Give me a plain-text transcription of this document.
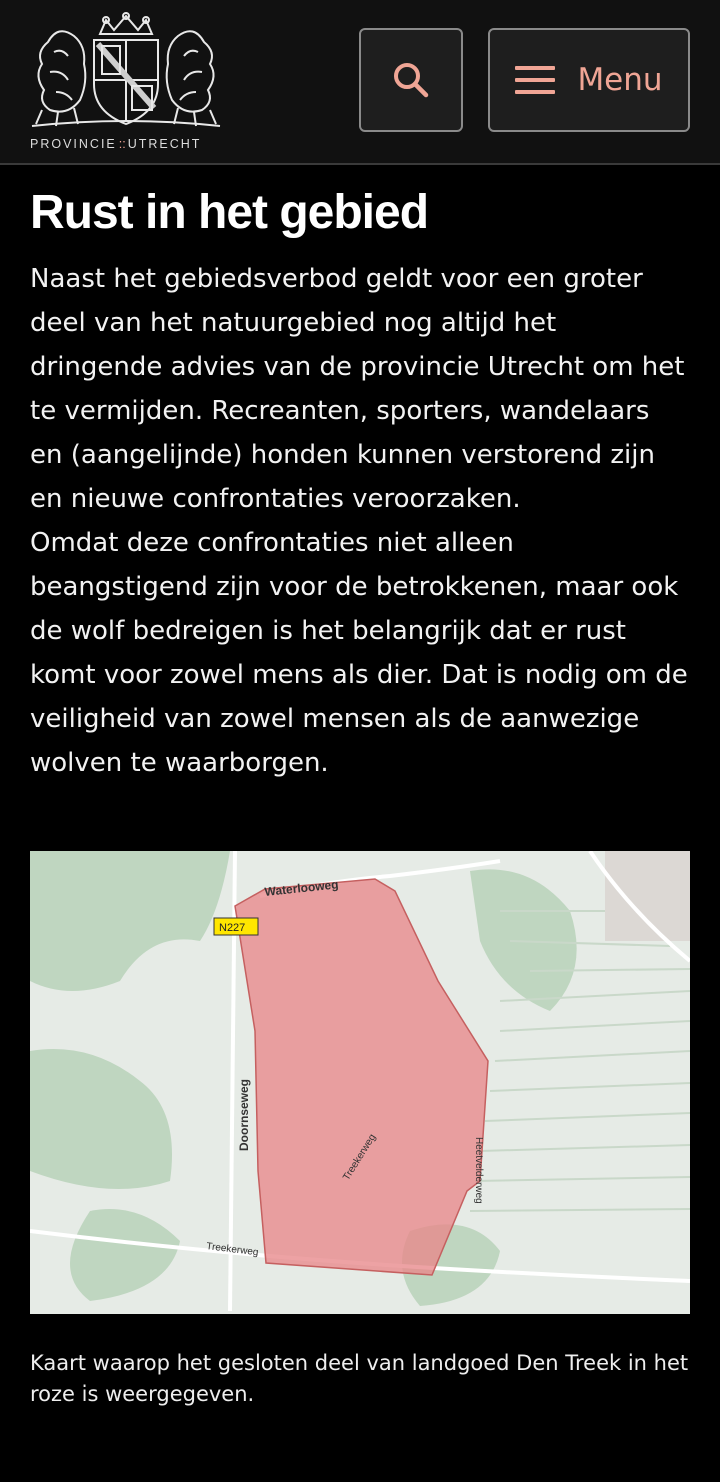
PROVINCIE :: UTRECHT
Menu
Rust in het gebied

Naast het gebiedsverbod geldt voor een groter deel van het natuurgebied nog altijd het dringende advies van de provincie Utrecht om het te vermijden. Recreanten, sporters, wandelaars en (aangelijnde) honden kunnen verstorend zijn en nieuwe confrontaties veroorzaken.

Omdat deze confrontaties niet alleen beangstigend zijn voor de betrokkenen, maar ook de wolf bedreigen is het belangrijk dat er rust komt voor zowel mens als dier. Dat is nodig om de veiligheid van zowel mensen als de aanwezige wolven te waarborgen.

Waterlooweg
N227
Doornseweg
Treekerweg
Treekerweg
Heetvelderweg

Kaart waarop het gesloten deel van landgoed Den Treek in het roze is weergegeven.
